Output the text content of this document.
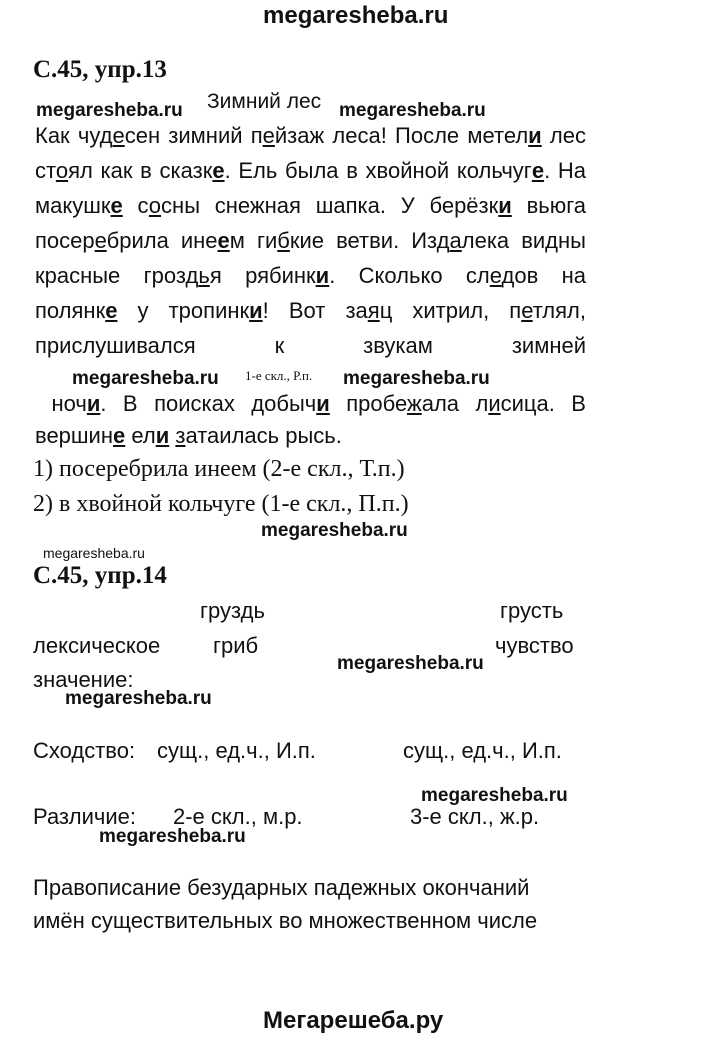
megaresheba.ru
С.45, упр.13
megaresheba.ru Зимний лес megaresheba.ru
Как чудесен зимний пейзаж леса! После метели лес стоял как в сказке. Ель была в хвойной кольчуге. На макушке сосны снежная шапка. У берёзки вьюга посеребрила инеем гибкие ветви. Издалека видны красные гроздья рябинки. Сколько следов на полянке у тропинки! Вот заяц хитрил, петлял, прислушивался к звукам зимней
megaresheba.ru 1-е скл., Р.п. megaresheba.ru
ночи. В поисках добычи пробежала лисица. В
вершине ели затаилась рысь.
1) посеребрила инеем (2-е скл., Т.п.)
2) в хвойной кольчуге (1-е скл., П.п.)
megaresheba.ru
megaresheba.ru
С.45, упр.14
груздь	грусть
лексическое гриб	чувство
megaresheba.ru
значение:
megaresheba.ru
Сходство: сущ., ед.ч., И.п.	сущ., ед.ч., И.п.
megaresheba.ru
Различие: 2-е скл., м.р.	3-е скл., ж.р.
megaresheba.ru
Правописание безударных падежных окончаний
имён существительных во множественном числе
Мегарешеба.ру
